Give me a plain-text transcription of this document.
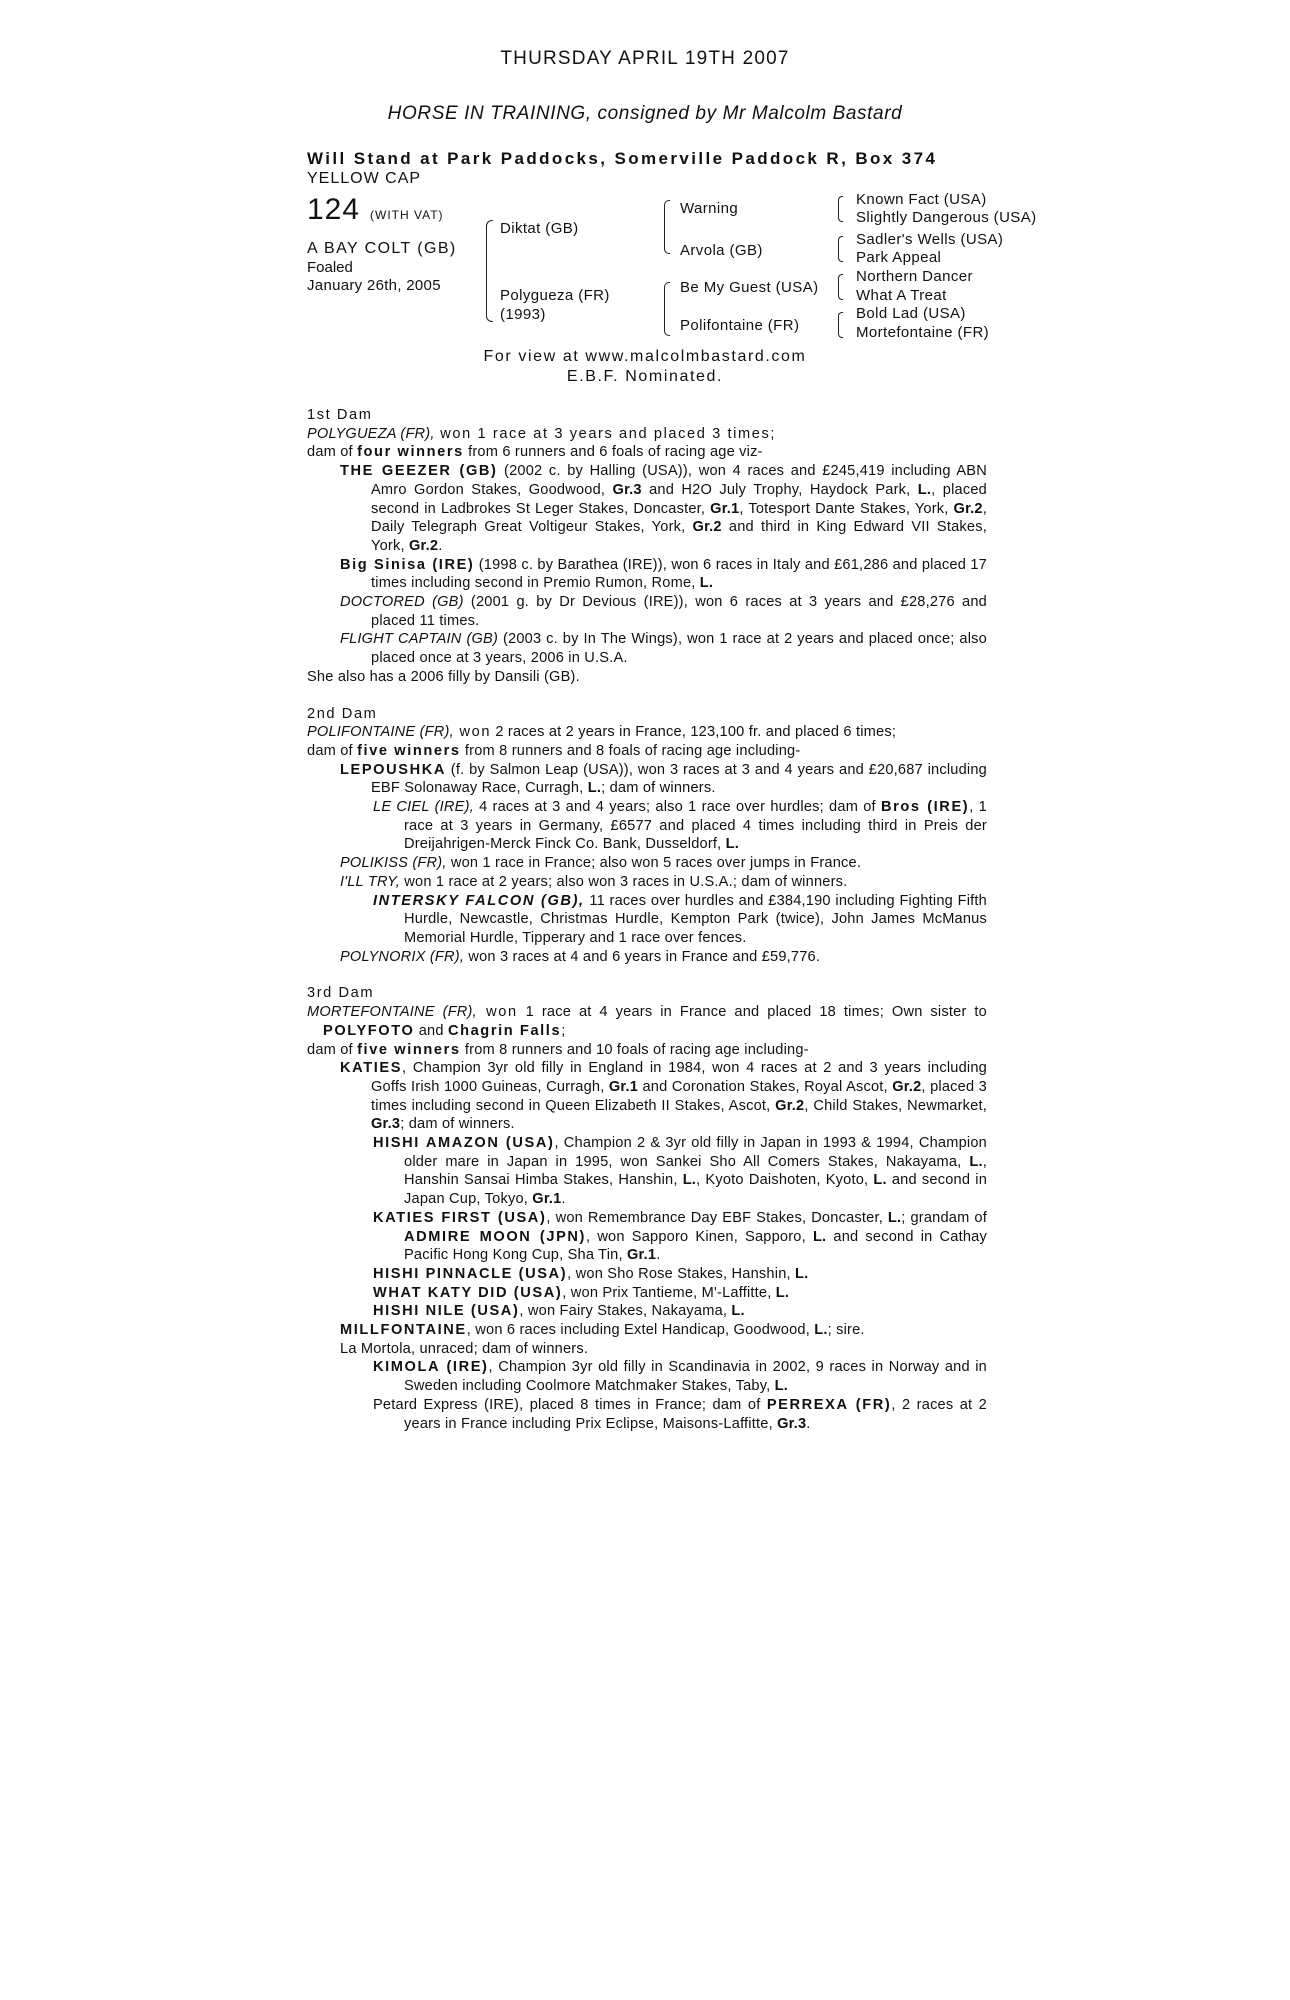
THURSDAY APRIL 19TH 2007
HORSE IN TRAINING, consigned by Mr Malcolm Bastard
Will Stand at Park Paddocks, Somerville Paddock R, Box 374
YELLOW CAP
124 (WITH VAT)
A BAY COLT (GB)
Foaled
January 26th, 2005
Diktat (GB)
Polygueza (FR)
(1993)
Warning
Arvola (GB)
Be My Guest (USA)
Polifontaine (FR)
Known Fact (USA)
Slightly Dangerous (USA)
Sadler's Wells (USA)
Park Appeal
Northern Dancer
What A Treat
Bold Lad (USA)
Mortefontaine (FR)
For view at www.malcolmbastard.com
E.B.F. Nominated.
1st Dam
POLYGUEZA (FR), won 1 race at 3 years and placed 3 times;
dam of four winners from 6 runners and 6 foals of racing age viz-
THE GEEZER (GB) (2002 c. by Halling (USA)), won 4 races and £245,419 including ABN Amro Gordon Stakes, Goodwood, Gr.3 and H2O July Trophy, Haydock Park, L., placed second in Ladbrokes St Leger Stakes, Doncaster, Gr.1, Totesport Dante Stakes, York, Gr.2, Daily Telegraph Great Voltigeur Stakes, York, Gr.2 and third in King Edward VII Stakes, York, Gr.2.
Big Sinisa (IRE) (1998 c. by Barathea (IRE)), won 6 races in Italy and £61,286 and placed 17 times including second in Premio Rumon, Rome, L.
DOCTORED (GB) (2001 g. by Dr Devious (IRE)), won 6 races at 3 years and £28,276 and placed 11 times.
FLIGHT CAPTAIN (GB) (2003 c. by In The Wings), won 1 race at 2 years and placed once; also placed once at 3 years, 2006 in U.S.A.
She also has a 2006 filly by Dansili (GB).
2nd Dam
POLIFONTAINE (FR), won 2 races at 2 years in France, 123,100 fr. and placed 6 times;
dam of five winners from 8 runners and 8 foals of racing age including-
LEPOUSHKA (f. by Salmon Leap (USA)), won 3 races at 3 and 4 years and £20,687 including EBF Solonaway Race, Curragh, L.; dam of winners.
LE CIEL (IRE), 4 races at 3 and 4 years; also 1 race over hurdles; dam of Bros (IRE), 1 race at 3 years in Germany, £6577 and placed 4 times including third in Preis der Dreijahrigen-Merck Finck Co. Bank, Dusseldorf, L.
POLIKISS (FR), won 1 race in France; also won 5 races over jumps in France.
I'LL TRY, won 1 race at 2 years; also won 3 races in U.S.A.; dam of winners.
INTERSKY FALCON (GB), 11 races over hurdles and £384,190 including Fighting Fifth Hurdle, Newcastle, Christmas Hurdle, Kempton Park (twice), John James McManus Memorial Hurdle, Tipperary and 1 race over fences.
POLYNORIX (FR), won 3 races at 4 and 6 years in France and £59,776.
3rd Dam
MORTEFONTAINE (FR), won 1 race at 4 years in France and placed 18 times; Own sister to POLYFOTO and Chagrin Falls;
dam of five winners from 8 runners and 10 foals of racing age including-
KATIES, Champion 3yr old filly in England in 1984, won 4 races at 2 and 3 years including Goffs Irish 1000 Guineas, Curragh, Gr.1 and Coronation Stakes, Royal Ascot, Gr.2, placed 3 times including second in Queen Elizabeth II Stakes, Ascot, Gr.2, Child Stakes, Newmarket, Gr.3; dam of winners.
HISHI AMAZON (USA), Champion 2 & 3yr old filly in Japan in 1993 & 1994, Champion older mare in Japan in 1995, won Sankei Sho All Comers Stakes, Nakayama, L., Hanshin Sansai Himba Stakes, Hanshin, L., Kyoto Daishoten, Kyoto, L. and second in Japan Cup, Tokyo, Gr.1.
KATIES FIRST (USA), won Remembrance Day EBF Stakes, Doncaster, L.; grandam of ADMIRE MOON (JPN), won Sapporo Kinen, Sapporo, L. and second in Cathay Pacific Hong Kong Cup, Sha Tin, Gr.1.
HISHI PINNACLE (USA), won Sho Rose Stakes, Hanshin, L.
WHAT KATY DID (USA), won Prix Tantieme, M'-Laffitte, L.
HISHI NILE (USA), won Fairy Stakes, Nakayama, L.
MILLFONTAINE, won 6 races including Extel Handicap, Goodwood, L.; sire.
La Mortola, unraced; dam of winners.
KIMOLA (IRE), Champion 3yr old filly in Scandinavia in 2002, 9 races in Norway and in Sweden including Coolmore Matchmaker Stakes, Taby, L.
Petard Express (IRE), placed 8 times in France; dam of PERREXA (FR), 2 races at 2 years in France including Prix Eclipse, Maisons-Laffitte, Gr.3.
